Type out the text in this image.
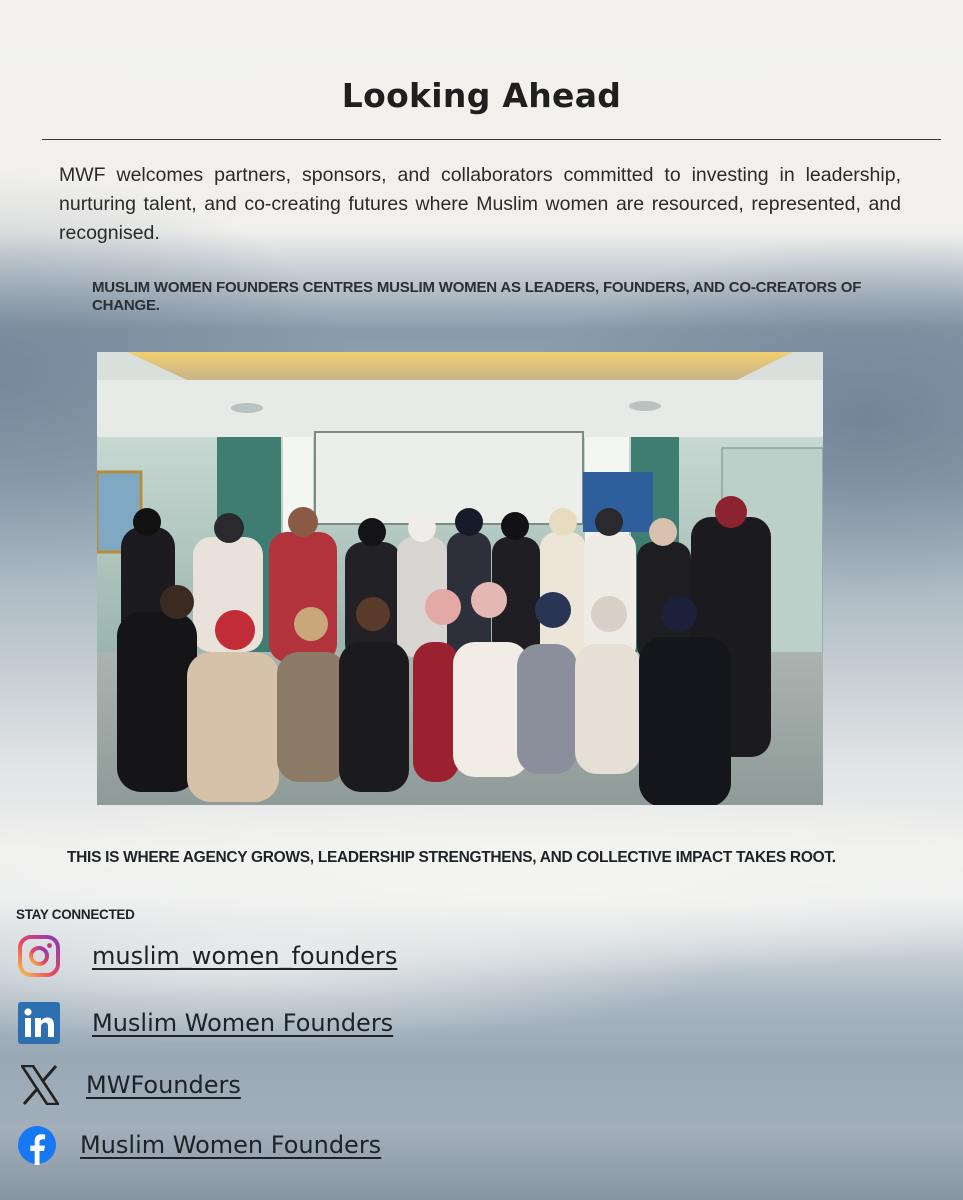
Looking Ahead

MWF welcomes partners, sponsors, and collaborators committed to investing in leadership, nurturing talent, and co-creating futures where Muslim women are resourced, represented, and recognised.

MUSLIM WOMEN FOUNDERS CENTRES MUSLIM WOMEN AS LEADERS, FOUNDERS, AND CO-CREATORS OF CHANGE.

THIS IS WHERE AGENCY GROWS, LEADERSHIP STRENGTHENS, AND COLLECTIVE IMPACT TAKES ROOT.

STAY CONNECTED

muslim_women_founders
Muslim Women Founders
MWFounders
Muslim Women Founders
